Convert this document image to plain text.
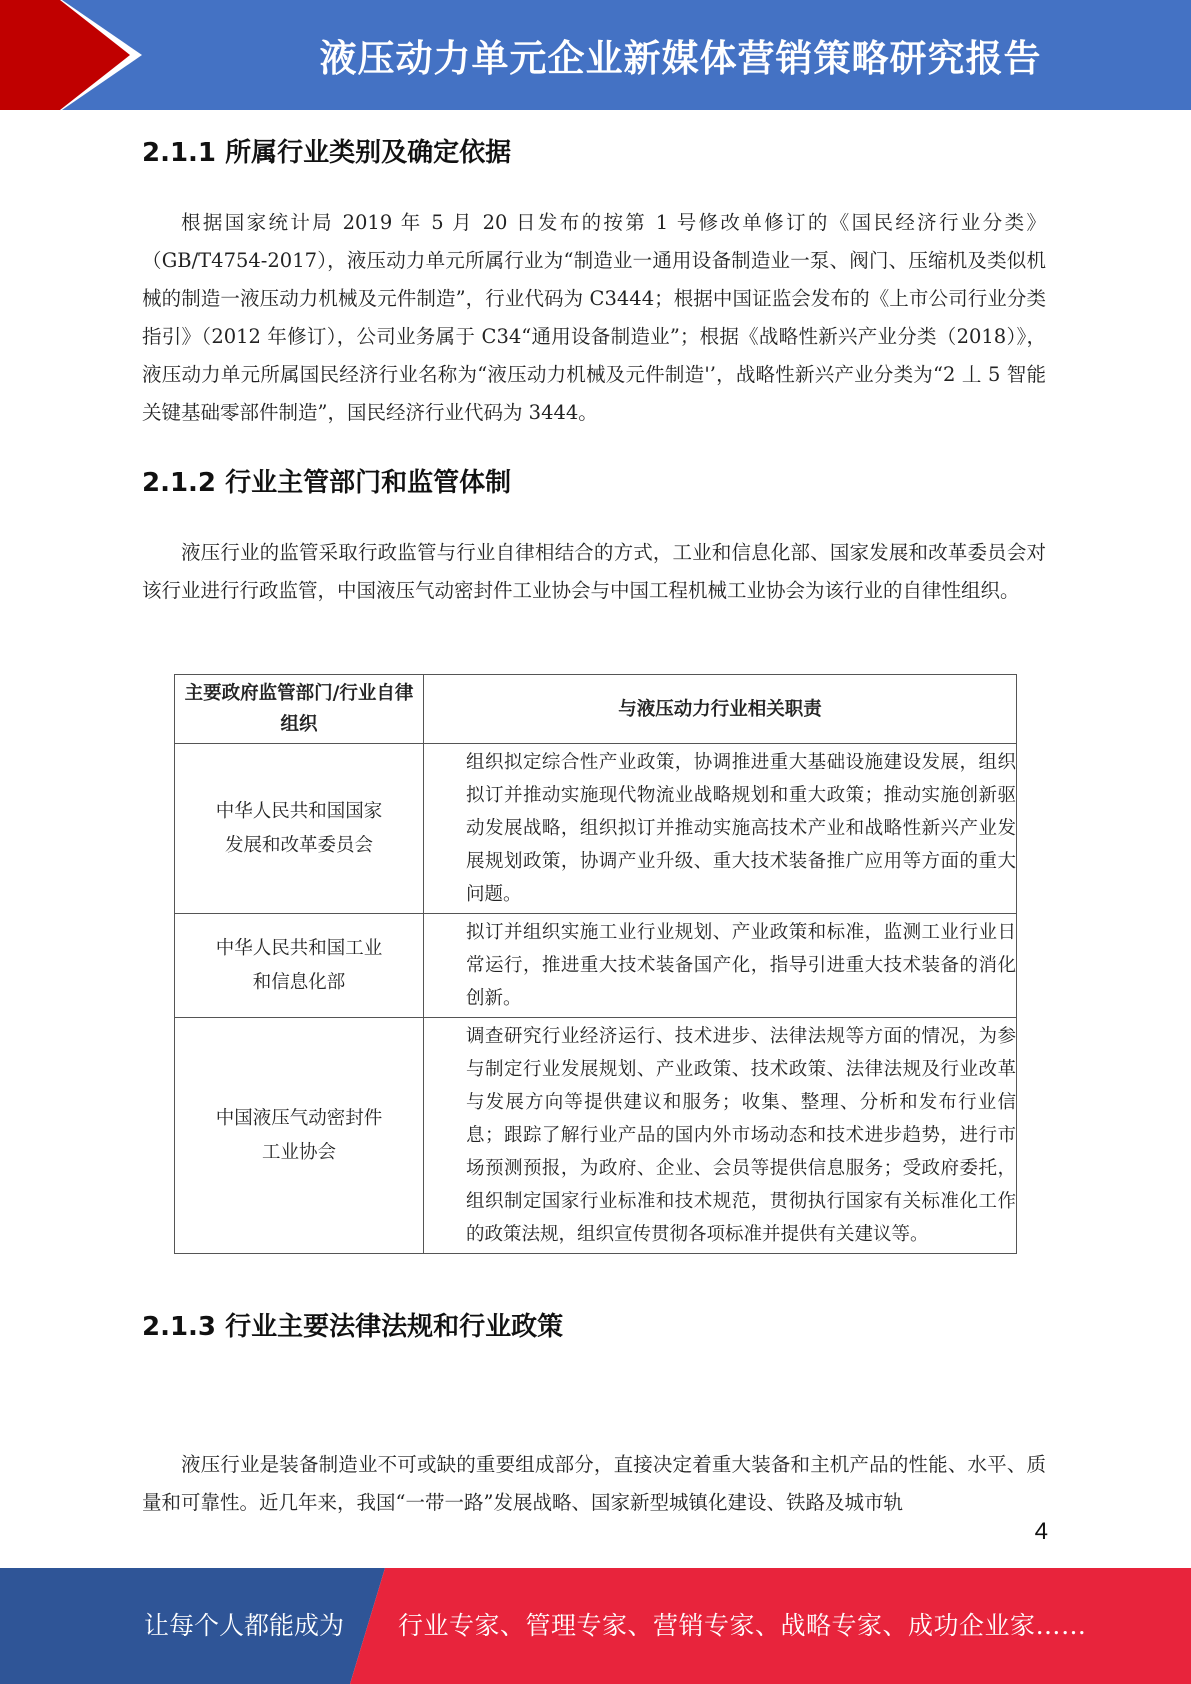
液压动力单元企业新媒体营销策略研究报告
2.1.1 所属行业类别及确定依据

根据国家统计局 2019 年 5 月 20 日发布的按第 1 号修改单修订的《国民经济行业分类》（GB/T4754-2017），液压动力单元所属行业为“制造业一通用设备制造业一泵、阀门、压缩机及类似机械的制造一液压动力机械及元件制造”，行业代码为 C3444；根据中国证监会发布的《上市公司行业分类指引》（2012 年修订），公司业务属于 C34“通用设备制造业”；根据《战略性新兴产业分类（2018）》，液压动力单元所属国民经济行业名称为“液压动力机械及元件制造'’，战略性新兴产业分类为“2 丄 5 智能关键基础零部件制造”，国民经济行业代码为 3444。

2.1.2 行业主管部门和监管体制

液压行业的监管采取行政监管与行业自律相结合的方式，工业和信息化部、国家发展和改革委员会对该行业进行行政监管，中国液压气动密封件工业协会与中国工程机械工业协会为该行业的自律性组织。

主要政府监管部门/行业自律组织	与液压动力行业相关职责
中华人民共和国国家发展和改革委员会	组织拟定综合性产业政策，协调推进重大基础设施建设发展，组织拟订并推动实施现代物流业战略规划和重大政策；推动实施创新驱动发展战略，组织拟订并推动实施高技术产业和战略性新兴产业发展规划政策，协调产业升级、重大技术装备推广应用等方面的重大问题。
中华人民共和国工业和信息化部	拟订并组织实施工业行业规划、产业政策和标准，监测工业行业日常运行，推进重大技术装备国产化，指导引进重大技术装备的消化创新。
中国液压气动密封件工业协会	调查研究行业经济运行、技术进步、法律法规等方面的情况，为参与制定行业发展规划、产业政策、技术政策、法律法规及行业改革与发展方向等提供建议和服务；收集、整理、分析和发布行业信息；跟踪了解行业产品的国内外市场动态和技术进步趋势，进行市场预测预报，为政府、企业、会员等提供信息服务；受政府委托，组织制定国家行业标准和技术规范，贯彻执行国家有关标准化工作的政策法规，组织宣传贯彻各项标准并提供有关建议等。
2.1.3 行业主要法律法规和行业政策

液压行业是装备制造业不可或缺的重要组成部分，直接决定着重大装备和主机产品的性能、水平、质量和可靠性。近几年来，我国“一带一路”发展战略、国家新型城镇化建设、铁路及城市轨

4
让每个人都能成为 行业专家、管理专家、营销专家、战略专家、成功企业家……
